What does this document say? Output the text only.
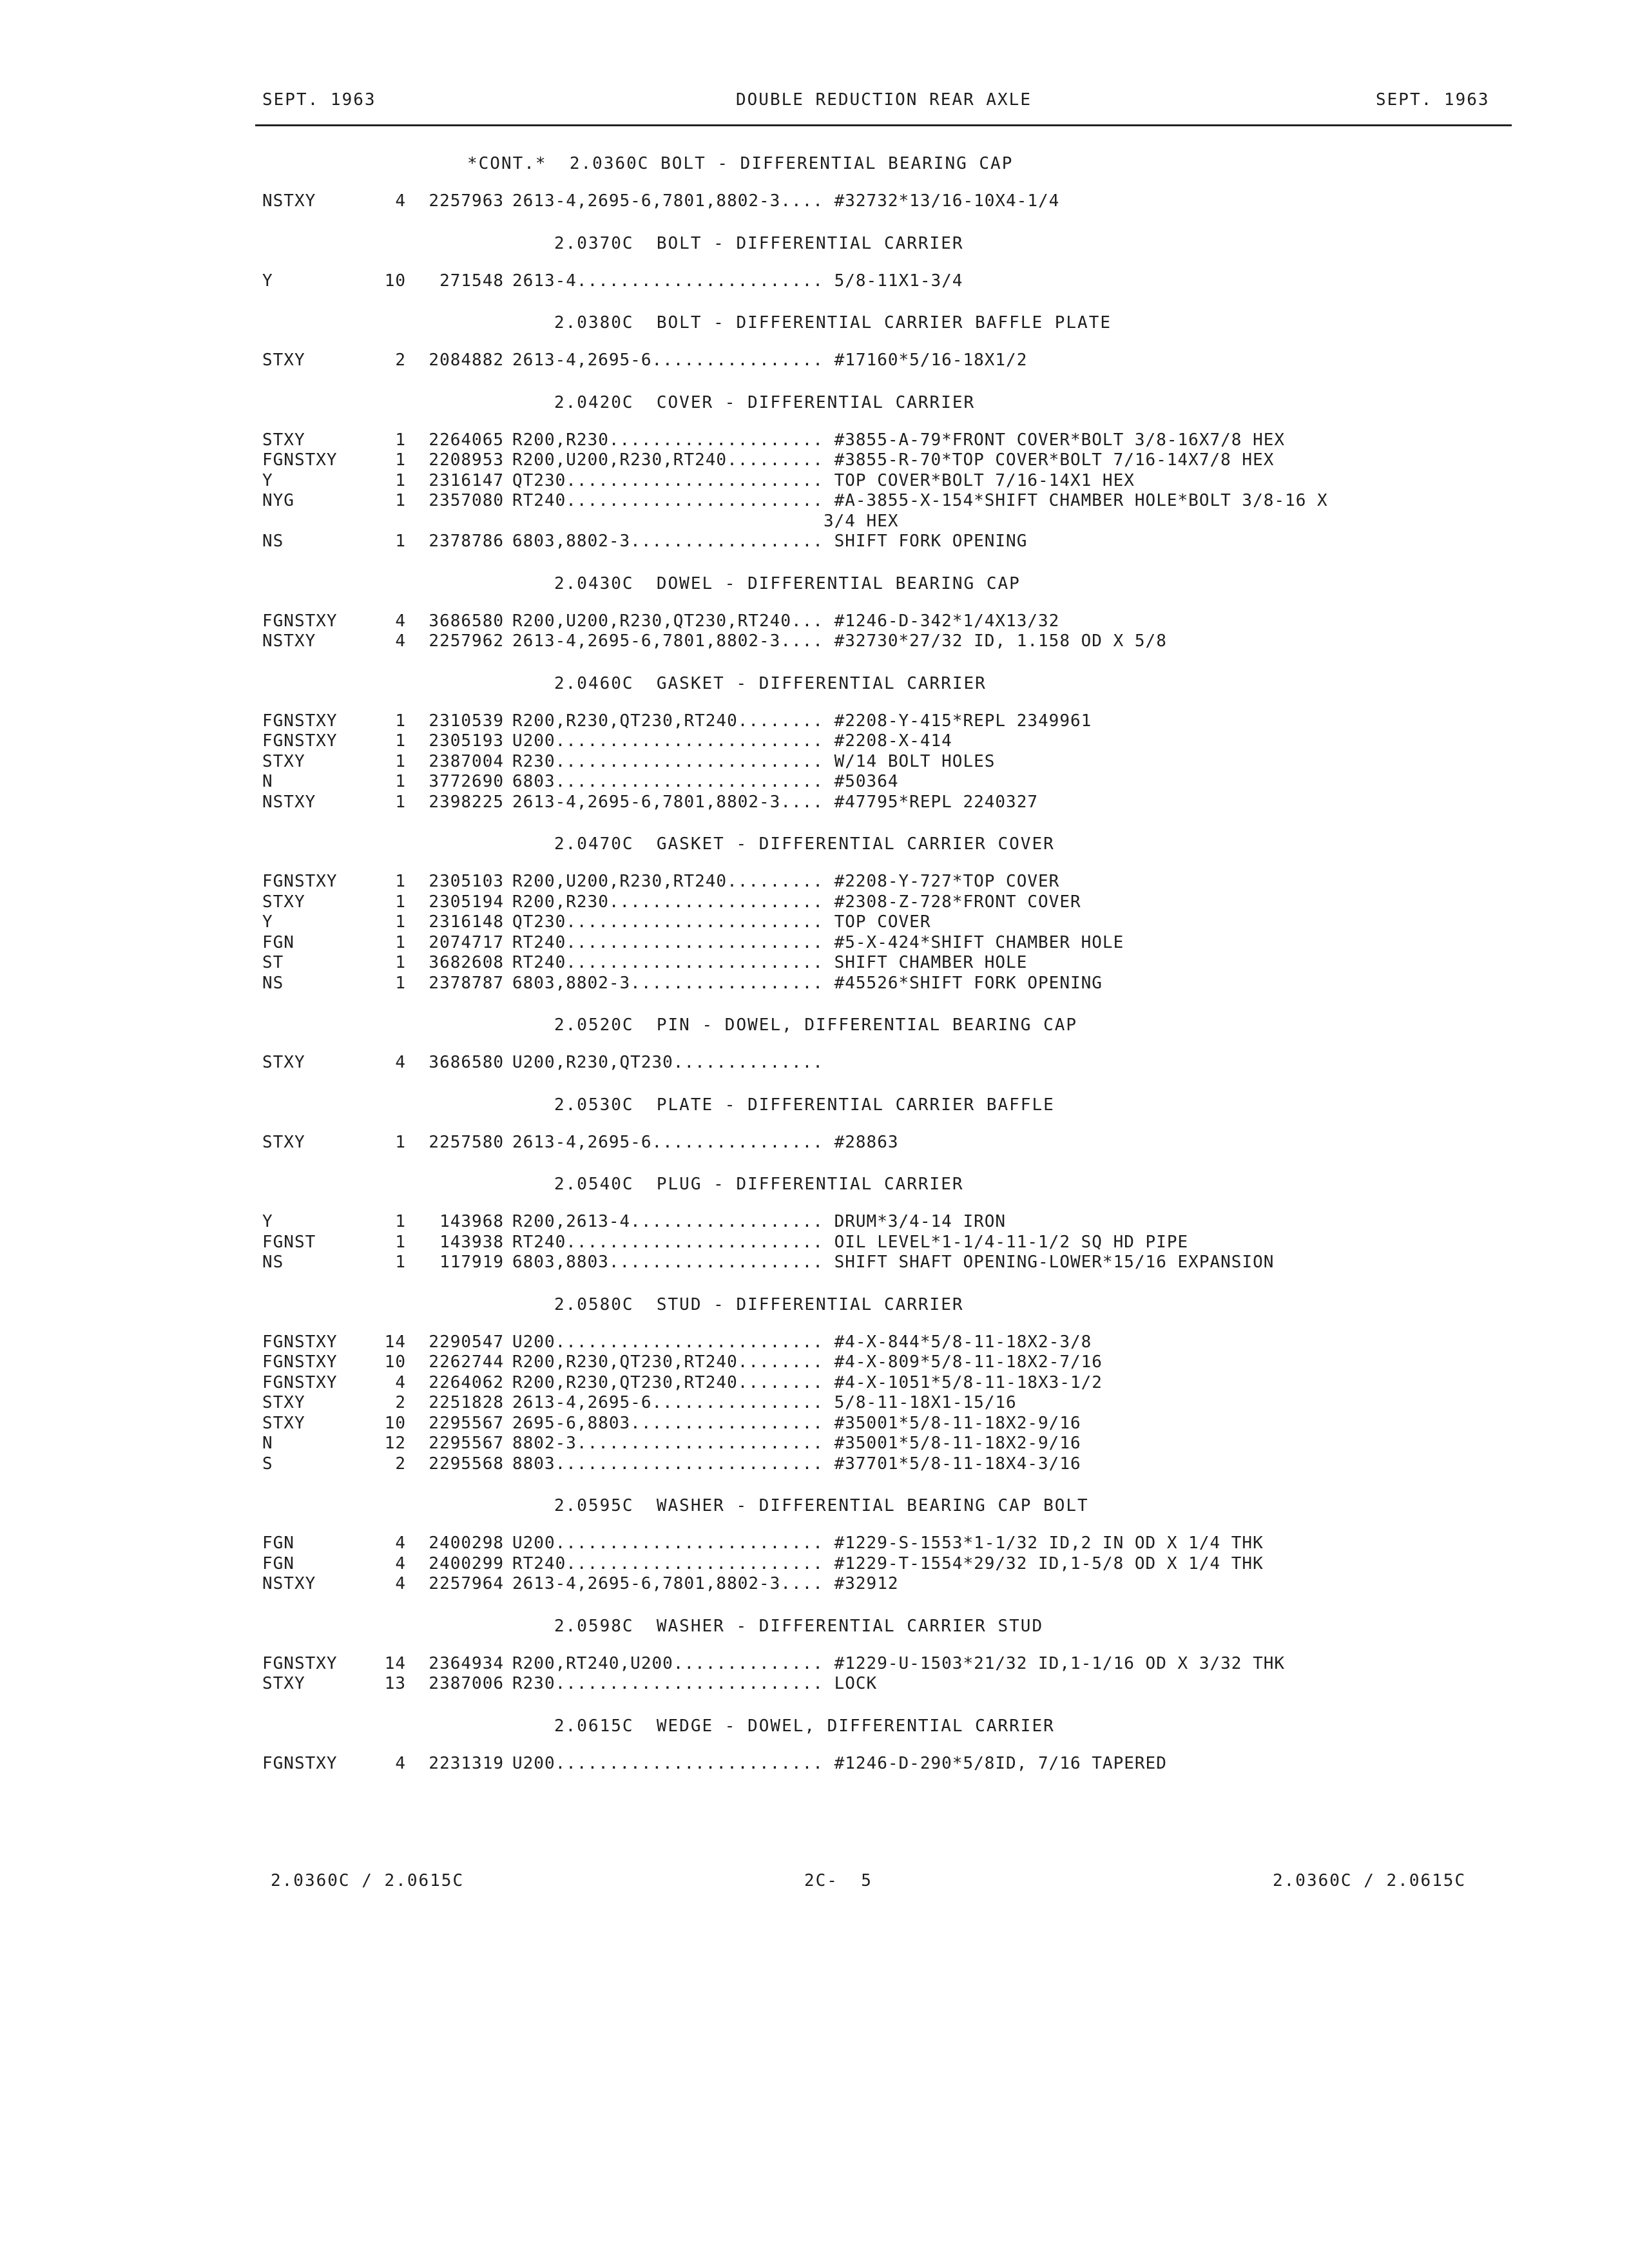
SEPT. 1963	DOUBLE REDUCTION REAR AXLE	SEPT. 1963
*CONT.*  2.0360C BOLT - DIFFERENTIAL BEARING CAP
NSTXY	4	2257963 2613-4,2695-6,7801,8802-3.... #32732*13/16-10X4-1/4
2.0370C  BOLT - DIFFERENTIAL CARRIER
Y	10	271548 2613-4....................... 5/8-11X1-3/4
2.0380C  BOLT - DIFFERENTIAL CARRIER BAFFLE PLATE
STXY	2	2084882 2613-4,2695-6................ #17160*5/16-18X1/2
2.0420C  COVER - DIFFERENTIAL CARRIER
STXY	1	2264065 R200,R230.................... #3855-A-79*FRONT COVER*BOLT 3/8-16X7/8 HEX
FGNSTXY	1	2208953 R200,U200,R230,RT240......... #3855-R-70*TOP COVER*BOLT 7/16-14X7/8 HEX
Y	1	2316147 QT230........................ TOP COVER*BOLT 7/16-14X1 HEX
NYG	1	2357080 RT240........................ #A-3855-X-154*SHIFT CHAMBER HOLE*BOLT 3/8-16 X
3/4 HEX
NS	1	2378786 6803,8802-3.................. SHIFT FORK OPENING
2.0430C  DOWEL - DIFFERENTIAL BEARING CAP
FGNSTXY	4	3686580 R200,U200,R230,QT230,RT240... #1246-D-342*1/4X13/32
NSTXY	4	2257962 2613-4,2695-6,7801,8802-3.... #32730*27/32 ID, 1.158 OD X 5/8
2.0460C  GASKET - DIFFERENTIAL CARRIER
FGNSTXY	1	2310539 R200,R230,QT230,RT240........ #2208-Y-415*REPL 2349961
FGNSTXY	1	2305193 U200......................... #2208-X-414
STXY	1	2387004 R230......................... W/14 BOLT HOLES
N	1	3772690 6803......................... #50364
NSTXY	1	2398225 2613-4,2695-6,7801,8802-3.... #47795*REPL 2240327
2.0470C  GASKET - DIFFERENTIAL CARRIER COVER
FGNSTXY	1	2305103 R200,U200,R230,RT240......... #2208-Y-727*TOP COVER
STXY	1	2305194 R200,R230.................... #2308-Z-728*FRONT COVER
Y	1	2316148 QT230........................ TOP COVER
FGN	1	2074717 RT240........................ #5-X-424*SHIFT CHAMBER HOLE
ST	1	3682608 RT240........................ SHIFT CHAMBER HOLE
NS	1	2378787 6803,8802-3.................. #45526*SHIFT FORK OPENING
2.0520C  PIN - DOWEL, DIFFERENTIAL BEARING CAP
STXY	4	3686580 U200,R230,QT230..............
2.0530C  PLATE - DIFFERENTIAL CARRIER BAFFLE
STXY	1	2257580 2613-4,2695-6................ #28863
2.0540C  PLUG - DIFFERENTIAL CARRIER
Y	1	143968 R200,2613-4.................. DRUM*3/4-14 IRON
FGNST	1	143938 RT240........................ OIL LEVEL*1-1/4-11-1/2 SQ HD PIPE
NS	1	117919 6803,8803.................... SHIFT SHAFT OPENING-LOWER*15/16 EXPANSION
2.0580C  STUD - DIFFERENTIAL CARRIER
FGNSTXY	14	2290547 U200......................... #4-X-844*5/8-11-18X2-3/8
FGNSTXY	10	2262744 R200,R230,QT230,RT240........ #4-X-809*5/8-11-18X2-7/16
FGNSTXY	4	2264062 R200,R230,QT230,RT240........ #4-X-1051*5/8-11-18X3-1/2
STXY	2	2251828 2613-4,2695-6................ 5/8-11-18X1-15/16
STXY	10	2295567 2695-6,8803.................. #35001*5/8-11-18X2-9/16
N	12	2295567 8802-3....................... #35001*5/8-11-18X2-9/16
S	2	2295568 8803......................... #37701*5/8-11-18X4-3/16
2.0595C  WASHER - DIFFERENTIAL BEARING CAP BOLT
FGN	4	2400298 U200......................... #1229-S-1553*1-1/32 ID,2 IN OD X 1/4 THK
FGN	4	2400299 RT240........................ #1229-T-1554*29/32 ID,1-5/8 OD X 1/4 THK
NSTXY	4	2257964 2613-4,2695-6,7801,8802-3.... #32912
2.0598C  WASHER - DIFFERENTIAL CARRIER STUD
FGNSTXY	14	2364934 R200,RT240,U200.............. #1229-U-1503*21/32 ID,1-1/16 OD X 3/32 THK
STXY	13	2387006 R230......................... LOCK
2.0615C  WEDGE - DOWEL, DIFFERENTIAL CARRIER
FGNSTXY	4	2231319 U200......................... #1246-D-290*5/8ID, 7/16 TAPERED
2.0360C / 2.0615C	2C-  5	2.0360C / 2.0615C
